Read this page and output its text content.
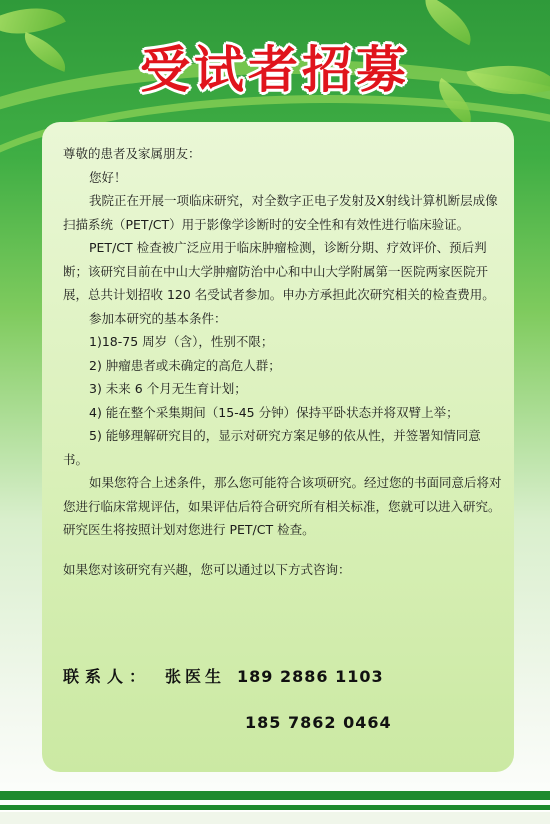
受试者招募

尊敬的患者及家属朋友：

您好！

我院正在开展一项临床研究，对全数字正电子发射及X射线计算机断层成像扫描系统（PET/CT）用于影像学诊断时的安全性和有效性进行临床验证。

PET/CT 检查被广泛应用于临床肿瘤检测，诊断分期、疗效评价、预后判断；该研究目前在中山大学肿瘤防治中心和中山大学附属第一医院两家医院开展，总共计划招收 120 名受试者参加。申办方承担此次研究相关的检查费用。

参加本研究的基本条件：

1)18-75 周岁（含），性别不限；

2) 肿瘤患者或未确定的高危人群；

3) 未来 6 个月无生育计划；

4) 能在整个采集期间（15-45 分钟）保持平卧状态并将双臂上举；

5) 能够理解研究目的，显示对研究方案足够的依从性，并签署知情同意书。

如果您符合上述条件，那么您可能符合该项研究。经过您的书面同意后将对您进行临床常规评估，如果评估后符合研究所有相关标准，您就可以进入研究。研究医生将按照计划对您进行 PET/CT 检查。

如果您对该研究有兴趣，您可以通过以下方式咨询：

联系人： 张医生 189 2886 1103
185 7862 0464
